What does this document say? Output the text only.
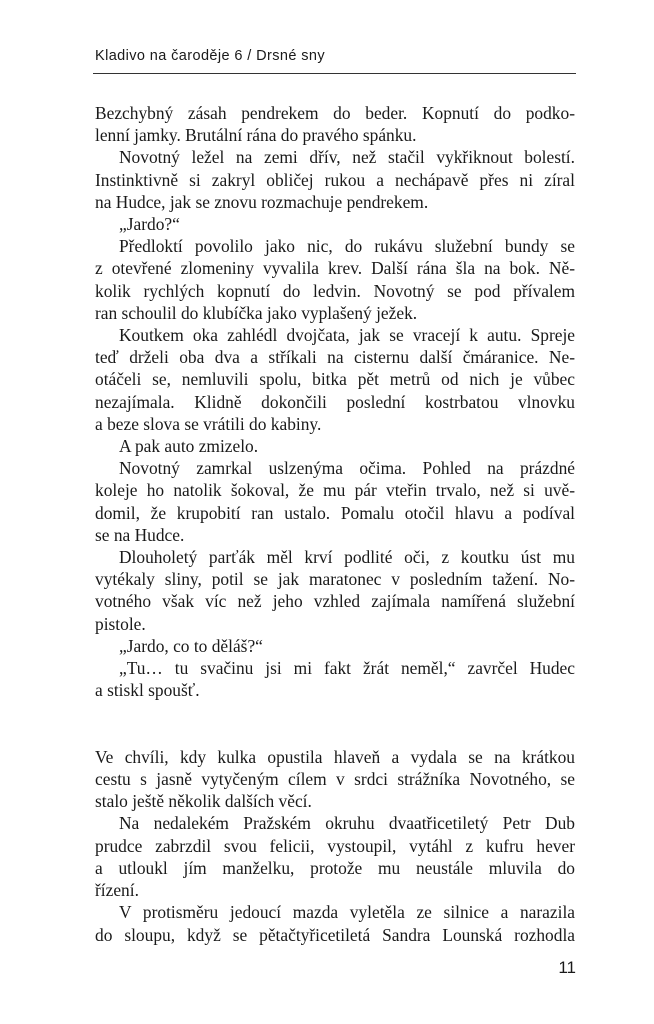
Kladivo na čaroděje 6 / Drsné sny
Bezchybný zásah pendrekem do beder. Kopnutí do podko-
lenní jamky. Brutální rána do pravého spánku.
Novotný ležel na zemi dřív, než stačil vykřiknout bolestí.
Instinktivně si zakryl obličej rukou a nechápavě přes ni zíral
na Hudce, jak se znovu rozmachuje pendrekem.
„Jardo?“
Předloktí povolilo jako nic, do rukávu služební bundy se
z otevřené zlomeniny vyvalila krev. Další rána šla na bok. Ně-
kolik rychlých kopnutí do ledvin. Novotný se pod přívalem
ran schoulil do klubíčka jako vyplašený ježek.
Koutkem oka zahlédl dvojčata, jak se vracejí k autu. Spreje
teď drželi oba dva a stříkali na cisternu další čmáranice. Ne-
otáčeli se, nemluvili spolu, bitka pět metrů od nich je vůbec
nezajímala. Klidně dokončili poslední kostrbatou vlnovku
a beze slova se vrátili do kabiny.
A pak auto zmizelo.
Novotný zamrkal uslzenýma očima. Pohled na prázdné
koleje ho natolik šokoval, že mu pár vteřin trvalo, než si uvě-
domil, že krupobití ran ustalo. Pomalu otočil hlavu a podíval
se na Hudce.
Dlouholetý parťák měl krví podlité oči, z koutku úst mu
vytékaly sliny, potil se jak maratonec v posledním tažení. No-
votného však víc než jeho vzhled zajímala namířená služební
pistole.
„Jardo, co to děláš?“
„Tu… tu svačinu jsi mi fakt žrát neměl,“ zavrčel Hudec
a stiskl spoušť.
Ve chvíli, kdy kulka opustila hlaveň a vydala se na krátkou
cestu s jasně vytyčeným cílem v srdci strážníka Novotného, se
stalo ještě několik dalších věcí.
Na nedalekém Pražském okruhu dvaatřicetiletý Petr Dub
prudce zabrzdil svou felicii, vystoupil, vytáhl z kufru hever
a utloukl jím manželku, protože mu neustále mluvila do
řízení.
V protisměru jedoucí mazda vyletěla ze silnice a narazila
do sloupu, když se pětačtyřicetiletá Sandra Lounská rozhodla
11
